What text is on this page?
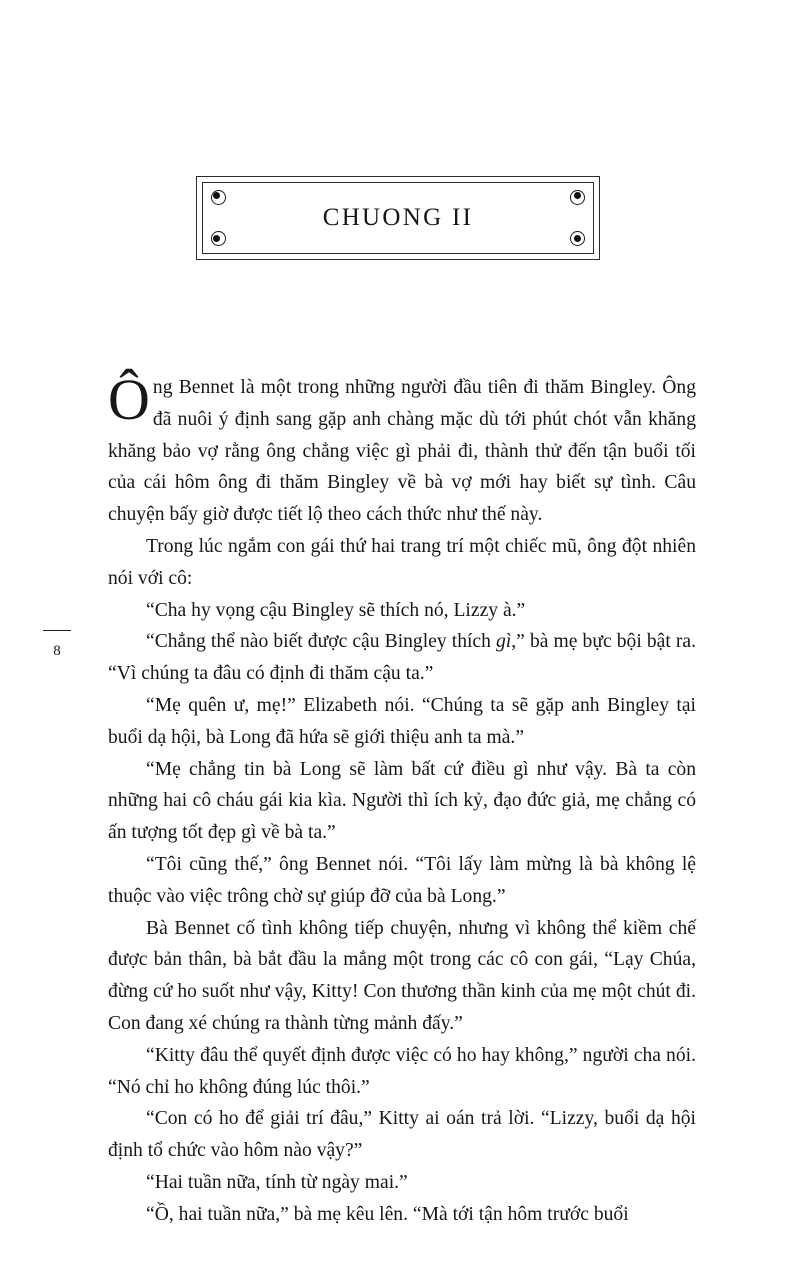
CHUONG II
8

Ông Bennet là một trong những người đầu tiên đi thăm Bingley. Ông đã nuôi ý định sang gặp anh chàng mặc dù tới phút chót vẫn khăng khăng bảo vợ rằng ông chẳng việc gì phải đi, thành thử đến tận buổi tối của cái hôm ông đi thăm Bingley về bà vợ mới hay biết sự tình. Câu chuyện bấy giờ được tiết lộ theo cách thức như thế này.

Trong lúc ngắm con gái thứ hai trang trí một chiếc mũ, ông đột nhiên nói với cô:

“Cha hy vọng cậu Bingley sẽ thích nó, Lizzy à.”

“Chẳng thể nào biết được cậu Bingley thích gì,” bà mẹ bực bội bật ra. “Vì chúng ta đâu có định đi thăm cậu ta.”

“Mẹ quên ư, mẹ!” Elizabeth nói. “Chúng ta sẽ gặp anh Bingley tại buổi dạ hội, bà Long đã hứa sẽ giới thiệu anh ta mà.”

“Mẹ chẳng tin bà Long sẽ làm bất cứ điều gì như vậy. Bà ta còn những hai cô cháu gái kia kìa. Người thì ích kỷ, đạo đức giả, mẹ chẳng có ấn tượng tốt đẹp gì về bà ta.”

“Tôi cũng thế,” ông Bennet nói. “Tôi lấy làm mừng là bà không lệ thuộc vào việc trông chờ sự giúp đỡ của bà Long.”

Bà Bennet cố tình không tiếp chuyện, nhưng vì không thể kiềm chế được bản thân, bà bắt đầu la mắng một trong các cô con gái, “Lạy Chúa, đừng cứ ho suốt như vậy, Kitty! Con thương thần kinh của mẹ một chút đi. Con đang xé chúng ra thành từng mảnh đấy.”

“Kitty đâu thể quyết định được việc có ho hay không,” người cha nói. “Nó chỉ ho không đúng lúc thôi.”

“Con có ho để giải trí đâu,” Kitty ai oán trả lời. “Lizzy, buổi dạ hội định tổ chức vào hôm nào vậy?”

“Hai tuần nữa, tính từ ngày mai.”

“Ồ, hai tuần nữa,” bà mẹ kêu lên. “Mà tới tận hôm trước buổi
